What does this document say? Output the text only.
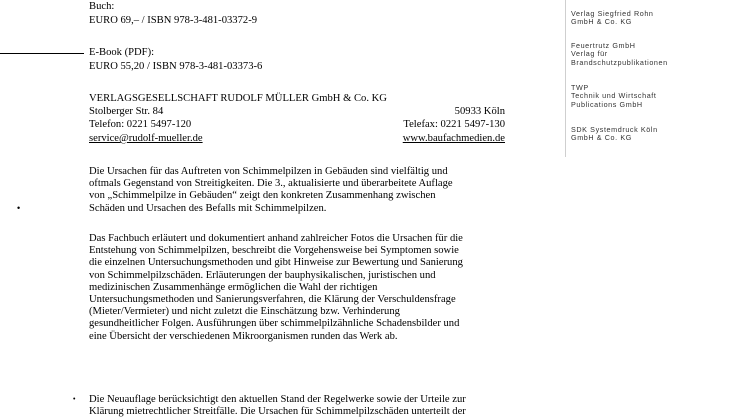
Buch:
EURO 69,– / ISBN 978-3-481-03372-9
E-Book (PDF):
EURO 55,20 / ISBN 978-3-481-03373-6
VERLAGSGESELLSCHAFT RUDOLF MÜLLER GmbH & Co. KG
Stolberger Str. 84	50933 Köln
Telefon: 0221 5497-120	Telefax: 0221 5497-130
service@rudolf-mueller.de	www.baufachmedien.de
•
Die Ursachen für das Auftreten von Schimmelpilzen in Gebäuden sind vielfältig und
oftmals Gegenstand von Streitigkeiten. Die 3., aktualisierte und überarbeitete Auflage
von „Schimmelpilze in Gebäuden“ zeigt den konkreten Zusammenhang zwischen
Schäden und Ursachen des Befalls mit Schimmelpilzen.
Das Fachbuch erläutert und dokumentiert anhand zahlreicher Fotos die Ursachen für die
Entstehung von Schimmelpilzen, beschreibt die Vorgehensweise bei Symptomen sowie
die einzelnen Untersuchungsmethoden und gibt Hinweise zur Bewertung und Sanierung
von Schimmelpilzschäden. Erläuterungen der bauphysikalischen, juristischen und
medizinischen Zusammenhänge ermöglichen die Wahl der richtigen
Untersuchungsmethoden und Sanierungsverfahren, die Klärung der Verschuldensfrage
(Mieter/Vermieter) und nicht zuletzt die Einschätzung bzw. Verhinderung
gesundheitlicher Folgen. Ausführungen über schimmelpilzähnliche Schadensbilder und
eine Übersicht der verschiedenen Mikroorganismen runden das Werk ab.
• Die Neuauflage berücksichtigt den aktuellen Stand der Regelwerke sowie der Urteile zur
Klärung mietrechtlicher Streitfälle. Die Ursachen für Schimmelpilzschäden unterteilt der
Verlag Siegfried Rohn
GmbH & Co. KG
Feuertrutz GmbH
Verlag für
Brandschutzpublikationen
TWP
Technik und Wirtschaft
Publications GmbH
SDK Systemdruck Köln
GmbH & Co. KG
